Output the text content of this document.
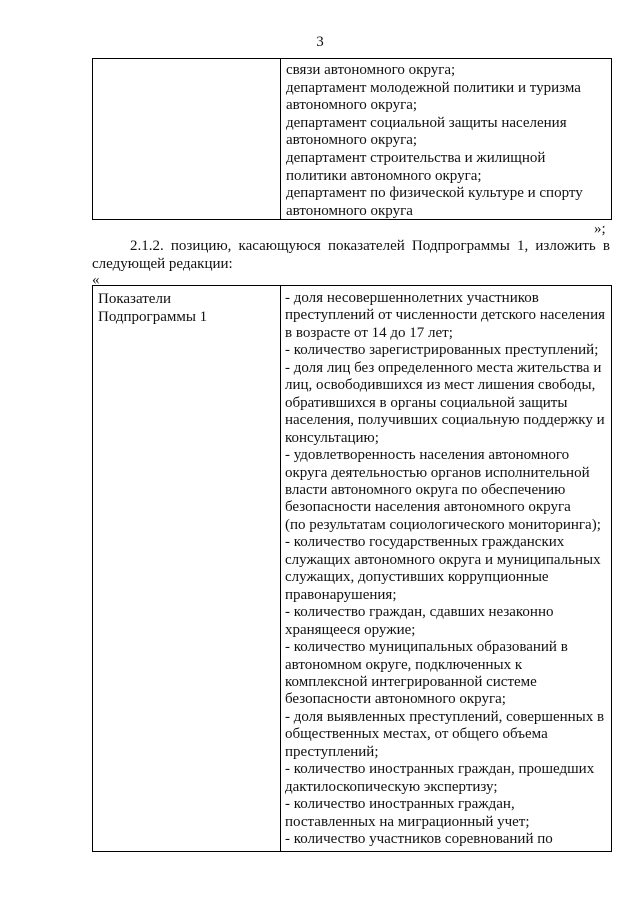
3
связи автономного округа;
департамент молодежной политики и туризма
автономного округа;
департамент социальной защиты населения
автономного округа;
департамент строительства и жилищной
политики автономного округа;
департамент по физической культуре и спорту
автономного округа
»;
2.1.2. позицию, касающуюся показателей Подпрограммы 1, изложить в следующей редакции:
«
Показатели
Подпрограммы 1
- доля несовершеннолетних участников
преступлений от численности детского населения
в возрасте от 14 до 17 лет;
- количество зарегистрированных преступлений;
- доля лиц без определенного места жительства и
лиц, освободившихся из мест лишения свободы,
обратившихся в органы социальной защиты
населения, получивших социальную поддержку и
консультацию;
- удовлетворенность населения автономного
округа деятельностью органов исполнительной
власти автономного округа по обеспечению
безопасности населения автономного округа
(по результатам социологического мониторинга);
- количество государственных гражданских
служащих автономного округа и муниципальных
служащих, допустивших коррупционные
правонарушения;
- количество граждан, сдавших незаконно
хранящееся оружие;
- количество муниципальных образований в
автономном округе, подключенных к
комплексной интегрированной системе
безопасности автономного округа;
- доля выявленных преступлений, совершенных в
общественных местах, от общего объема
преступлений;
- количество иностранных граждан, прошедших
дактилоскопическую экспертизу;
- количество иностранных граждан,
поставленных на миграционный учет;
- количество участников соревнований по
